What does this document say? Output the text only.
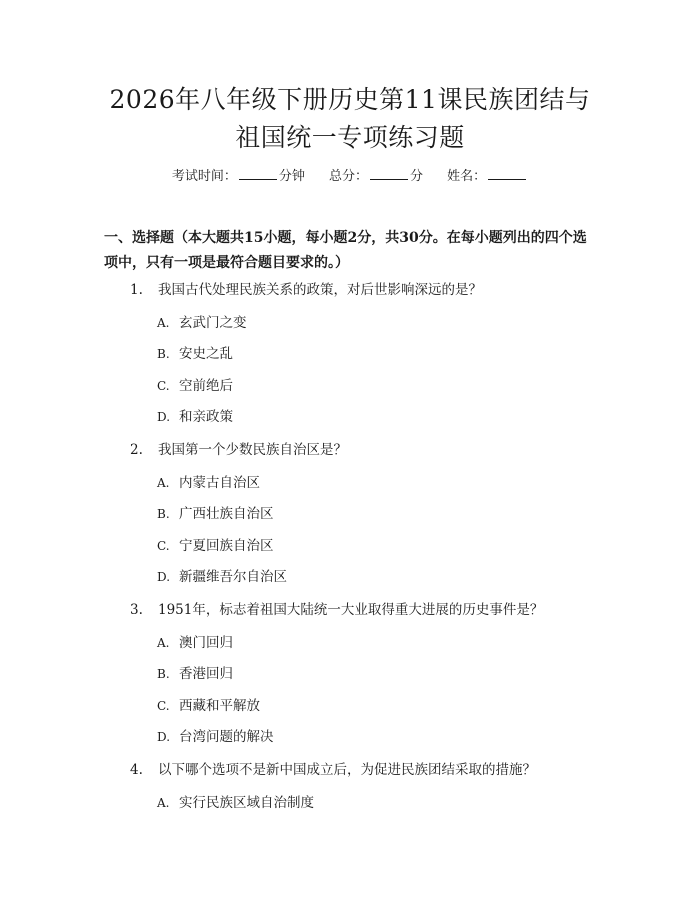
2026年八年级下册历史第11课民族团结与
祖国统一专项练习题
考试时间：	分钟 总分：	分 姓名：
一、选择题（本大题共15小题，每小题2分，共30分。在每小题列出的四个选
项中，只有一项是最符合题目要求的。）
1. 我国古代处理民族关系的政策，对后世影响深远的是？
A. 玄武门之变
B. 安史之乱
C. 空前绝后
D. 和亲政策
2. 我国第一个少数民族自治区是？
A. 内蒙古自治区
B. 广西壮族自治区
C. 宁夏回族自治区
D. 新疆维吾尔自治区
3. 1951年，标志着祖国大陆统一大业取得重大进展的历史事件是？
A. 澳门回归
B. 香港回归
C. 西藏和平解放
D. 台湾问题的解决
4. 以下哪个选项不是新中国成立后，为促进民族团结采取的措施？
A. 实行民族区域自治制度
